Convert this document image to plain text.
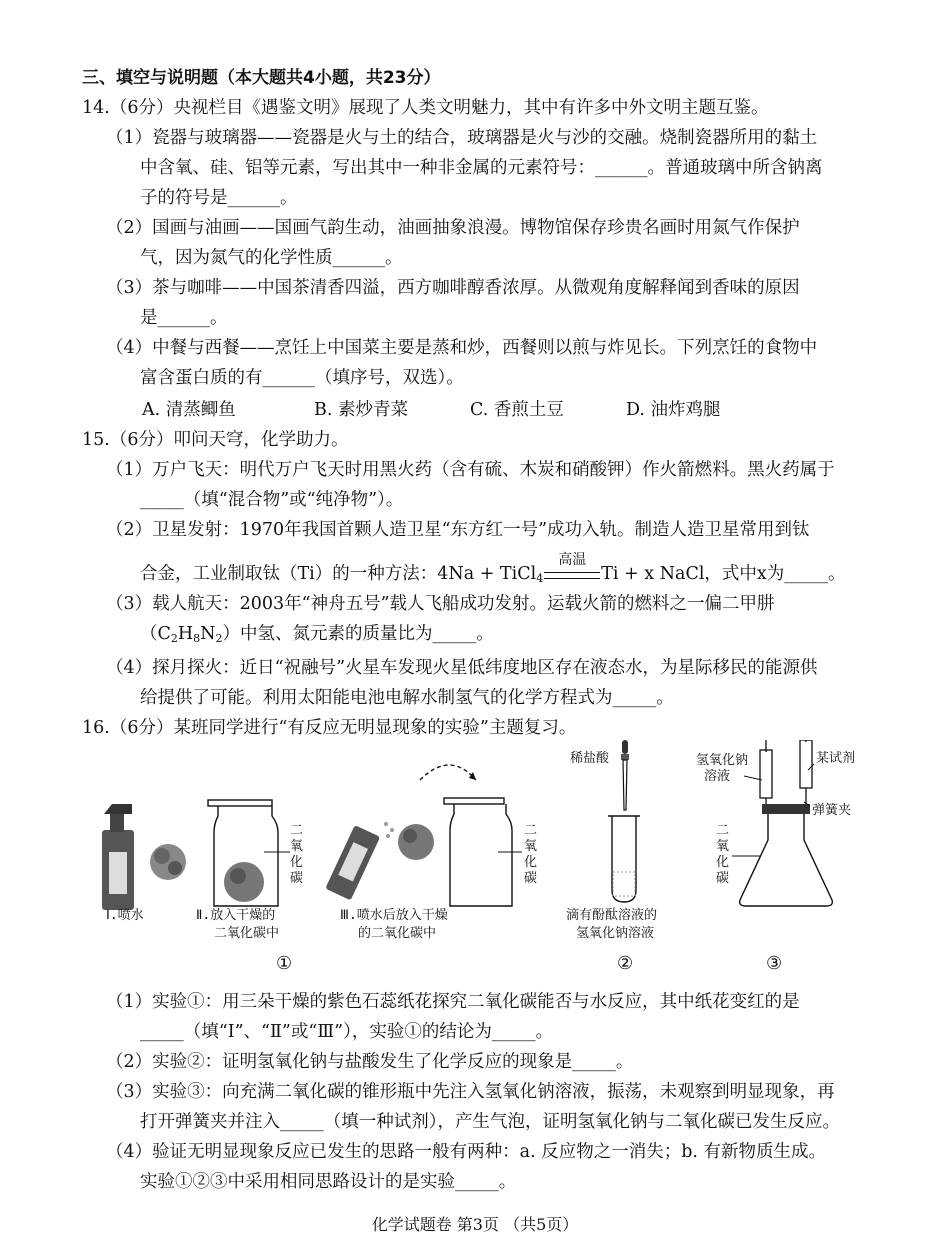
三、填空与说明题（本大题共4小题，共23分）
14.（6分）央视栏目《遇鉴文明》展现了人类文明魅力，其中有许多中外文明主题互鉴。
（1）瓷器与玻璃器——瓷器是火与土的结合，玻璃器是火与沙的交融。烧制瓷器所用的黏土
中含氧、硅、铝等元素，写出其中一种非金属的元素符号：______。普通玻璃中所含钠离
子的符号是______。
（2）国画与油画——国画气韵生动，油画抽象浪漫。博物馆保存珍贵名画时用氮气作保护
气，因为氮气的化学性质______。
（3）茶与咖啡——中国茶清香四溢，西方咖啡醇香浓厚。从微观角度解释闻到香味的原因
是______。
（4）中餐与西餐——烹饪上中国菜主要是蒸和炒，西餐则以煎与炸见长。下列烹饪的食物中
富含蛋白质的有______（填序号，双选）。
A. 清蒸鲫鱼	B. 素炒青菜	C. 香煎土豆	D. 油炸鸡腿
15.（6分）叩问天穹，化学助力。
（1）万户飞天：明代万户飞天时用黑火药（含有硫、木炭和硝酸钾）作火箭燃料。黑火药属于
_____（填“混合物”或“纯净物”）。
（2）卫星发射：1970年我国首颗人造卫星“东方红一号”成功入轨。制造人造卫星常用到钛
合金，工业制取钛（Ti）的一种方法：4Na + TiCl$_4$
高温
Ti + x NaCl，式中x为_____。
（3）载人航天：2003年“神舟五号”载人飞船成功发射。运载火箭的燃料之一偏二甲肼
$(C_2H_8N_2)$中氢、氮元素的质量比为_____。
（4）探月探火：近日“祝融号”火星车发现火星低纬度地区存在液态水，为星际移民的能源供
给提供了可能。利用太阳能电池电解水制氢气的化学方程式为_____。
16.（6分）某班同学进行“有反应无明显现象的实验”主题复习。
Ⅰ.喷水
二
氧
化
碳
Ⅱ.放入干燥的
二氧化碳中
二
氧
化
碳
Ⅲ.喷水后放入干燥
的二氧化碳中
①
稀盐酸
滴有酚酞溶液的
氢氧化钠溶液
②
氢氧化钠
溶液
某试剂
弹簧夹
二
氧
化
碳
③
（1）实验①：用三朵干燥的紫色石蕊纸花探究二氧化碳能否与水反应，其中纸花变红的是
_____（填“Ⅰ”、“Ⅱ”或“Ⅲ”），实验①的结论为_____。
（2）实验②：证明氢氧化钠与盐酸发生了化学反应的现象是_____。
（3）实验③：向充满二氧化碳的锥形瓶中先注入氢氧化钠溶液，振荡，未观察到明显现象，再
打开弹簧夹并注入_____（填一种试剂），产生气泡，证明氢氧化钠与二氧化碳已发生反应。
（4）验证无明显现象反应已发生的思路一般有两种：a. 反应物之一消失；b. 有新物质生成。
实验①②③中采用相同思路设计的是实验_____。
化学试题卷 第3页 （共5页）
